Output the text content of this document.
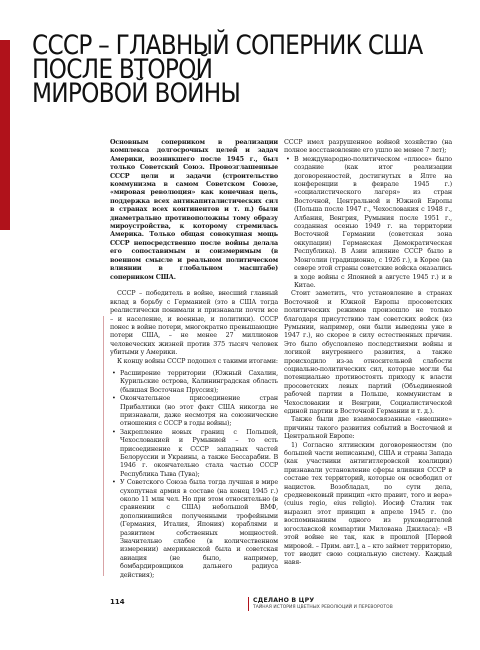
СССР – ГЛАВНЫЙ СОПЕРНИК США
ПОСЛЕ ВТОРОЙ
МИРОВОЙ ВОЙНЫ

Основным соперником в реализации комплекса долгосрочных целей и задач Америки, возникшего после 1945 г., был только Советский Союз. Провозглашенные СССР цели и задачи (строительство коммунизма в самом Советском Союзе, «мировая революция» как конечная цель, поддержка всех антикапиталистических сил в странах всех континентов и т. п.) были диаметрально противоположны тому образу мироустройства, к которому стремилась Америка. Только общая совокупная мощь СССР непосредственно после войны делала его сопоставимым и соизмеримым (в военном смысле и реальном политическом влиянии в глобальном масштабе) соперником США.

СССР – победитель в войне, внесший главный вклад в борьбу с Германией (это в США тогда реалистически понимали и признавали почти все – и население, и военные, и политики). СССР понес в войне потери, многократно превышающие потери США, – не менее 27 миллионов человеческих жизней против 375 тысяч человек убитыми у Америки.

К концу войны СССР подошел с такими итогами:

• Расширение территории (Южный Сахалин, Курильские острова, Калининградская область (бывшая Восточная Пруссия);
• Окончательное присоединение стран Прибалтики (но этот факт США никогда не признавали, даже несмотря на союзнические отношения с СССР в годы войны);
• Закрепление новых границ с Польшей, Чехословакией и Румынией – то есть присоединение к СССР западных частей Белоруссии и Украины, а также Бессарабии. В 1946 г. окончательно стала частью СССР Республика Тыва (Тува);
• У Советского Союза была тогда лучшая в мире сухопутная армия в составе (на конец 1945 г.) около 11 млн чел. Но при этом относительно (в сравнении с США) небольшой ВМФ, дополнившийся полученными трофейными (Германия, Италия, Япония) кораблями и развитием собственных мощностей. Значительно слабее (в количественном измерении) американской была и советская авиация (не было, например, бомбардировщиков дальнего радиуса действия);

СССР имел разрушенное войной хозяйство (на полное восстановление его ушло не менее 7 лет);

• В международно-политическом «плюсе» было создание (как итог реализации договоренностей, достигнутых в Ялте на конференции в феврале 1945 г.) «социалистического лагеря» из стран Восточной, Центральной и Южной Европы (Польша после 1947 г., Чехословакия с 1948 г., Албания, Венгрия, Румыния после 1951 г., созданная осенью 1949 г. на территории Восточной Германии (советская зона оккупации) Германская Демократическая Республика). В Азии влияние СССР было в Монголии (традиционно, с 1926 г.), в Корее (на севере этой страны советские войска оказались в ходе войны с Японией в августе 1945 г.) и в Китае.

Стоит заметить, что установление в странах Восточной и Южной Европы просоветских политических режимов произошло не только благодаря присутствию там советских войск (из Румынии, например, они были выведены уже в 1947 г.), но скорее в силу естественных причин. Это было обусловлено последствиями войны и логикой внутреннего развития, а также происходило из-за относительной слабости социально-политических сил, которые могли бы потенциально противостоять приходу к власти просоветских левых партий (Объединенной рабочей партии в Польше, коммунистам в Чехословакии и Венгрии, Социалистической единой партии в Восточной Германии и т. д.).

Также были две взаимосвязанные «внешние» причины такого развития событий в Восточной и Центральной Европе:

1) Согласно ялтинским договоренностям (по большей части неписаным), США и страны Запада (как участники антигитлеровской коалиции) признавали установление сферы влияния СССР в составе тех территорий, которые он освободил от нацистов. Возобладал, по сути дела, средневековый принцип «кто правит, того и вера» (cuius regio, eius religio). Иосиф Сталин так выразил этот принцип в апреле 1945 г. (по воспоминаниям одного из руководителей югославской компартии Милована Джиласа): «В этой войне не так, как в прошлой [Первой мировой. – Прим. авт.], а – кто займет территорию, тот вводит свою социальную систему. Каждый навя-

114	СДЕЛАНО В ЦРУ
ТАЙНАЯ ИСТОРИЯ ЦВЕТНЫХ РЕВОЛЮЦИЙ И ПЕРЕВОРОТОВ
